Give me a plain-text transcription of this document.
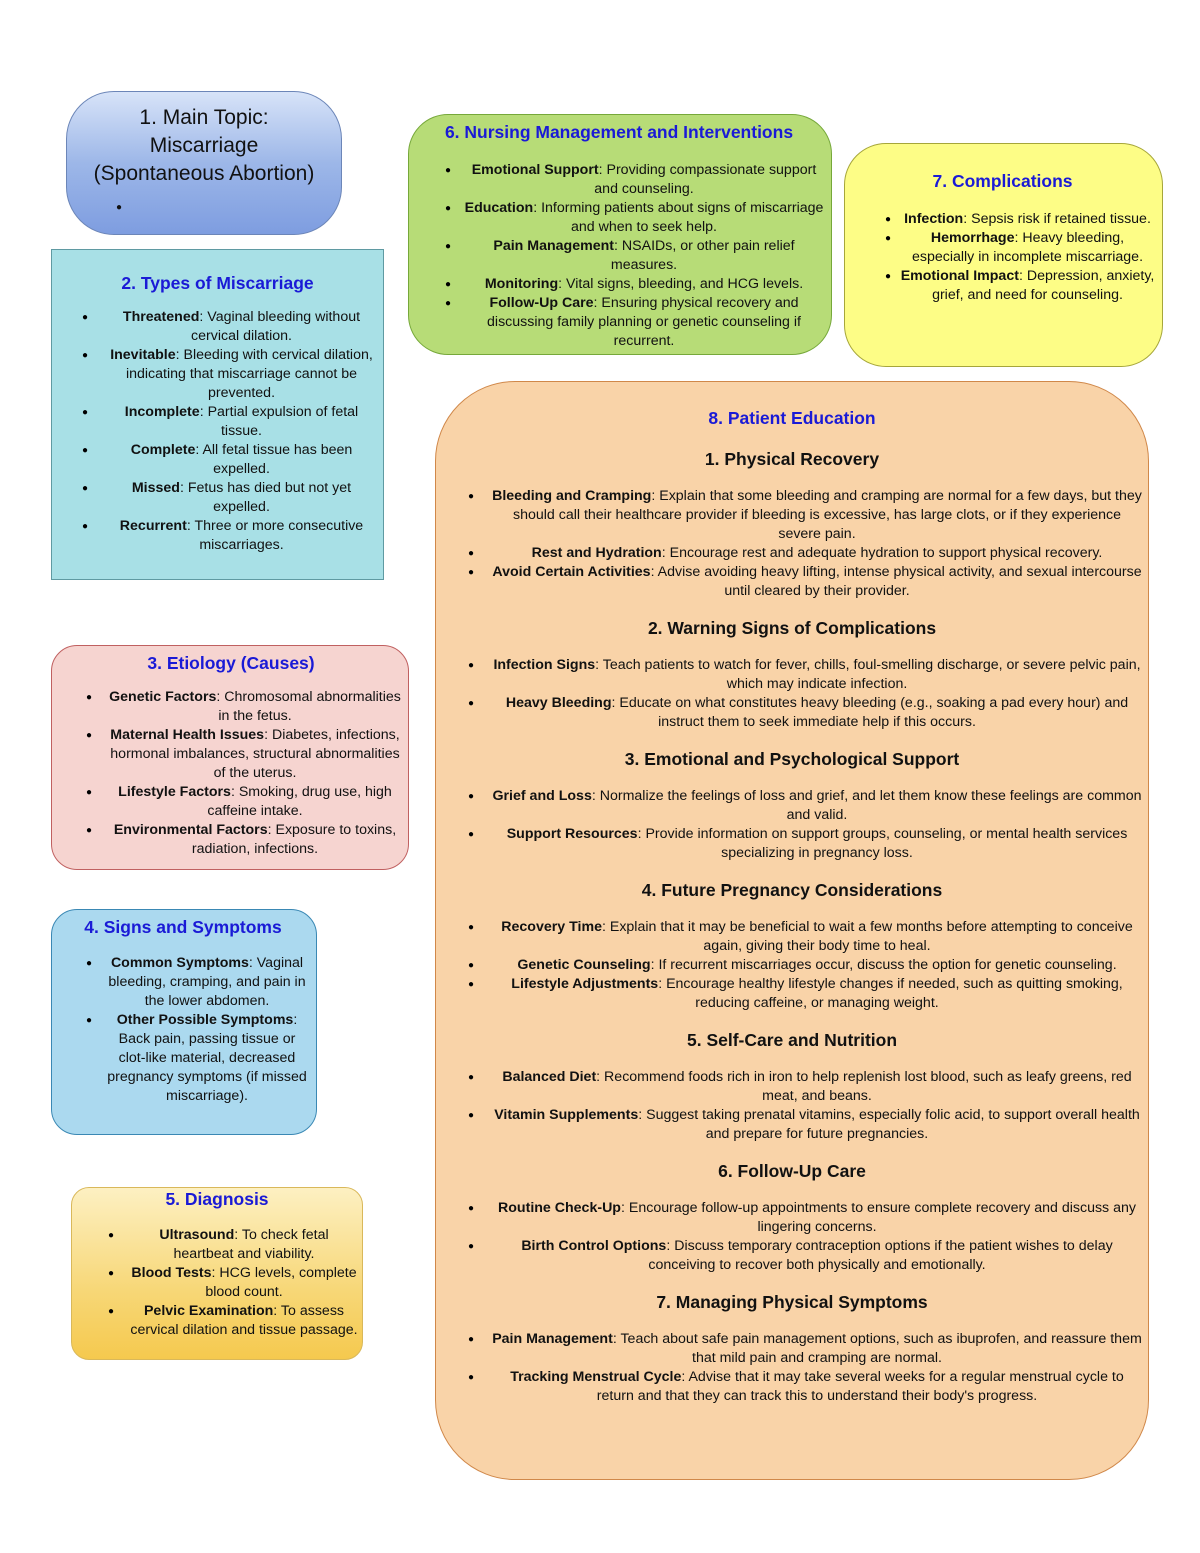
1. Main Topic:
Miscarriage
(Spontaneous Abortion)
●
2. Types of Miscarriage
● Threatened: Vaginal bleeding without cervical dilation.
● Inevitable: Bleeding with cervical dilation, indicating that miscarriage cannot be prevented.
● Incomplete: Partial expulsion of fetal tissue.
● Complete: All fetal tissue has been expelled.
● Missed: Fetus has died but not yet expelled.
● Recurrent: Three or more consecutive miscarriages.
3. Etiology (Causes)
● Genetic Factors: Chromosomal abnormalities in the fetus.
● Maternal Health Issues: Diabetes, infections, hormonal imbalances, structural abnormalities of the uterus.
● Lifestyle Factors: Smoking, drug use, high caffeine intake.
● Environmental Factors: Exposure to toxins, radiation, infections.
4. Signs and Symptoms
● Common Symptoms: Vaginal bleeding, cramping, and pain in the lower abdomen.
● Other Possible Symptoms: Back pain, passing tissue or clot-like material, decreased pregnancy symptoms (if missed miscarriage).
5. Diagnosis
● Ultrasound: To check fetal heartbeat and viability.
● Blood Tests: HCG levels, complete blood count.
● Pelvic Examination: To assess cervical dilation and tissue passage.
6. Nursing Management and Interventions
● Emotional Support: Providing compassionate support and counseling.
● Education: Informing patients about signs of miscarriage and when to seek help.
● Pain Management: NSAIDs, or other pain relief measures.
● Monitoring: Vital signs, bleeding, and HCG levels.
● Follow-Up Care: Ensuring physical recovery and discussing family planning or genetic counseling if recurrent.
7. Complications
● Infection: Sepsis risk if retained tissue.
● Hemorrhage: Heavy bleeding, especially in incomplete miscarriage.
● Emotional Impact: Depression, anxiety, grief, and need for counseling.
8. Patient Education
1. Physical Recovery
● Bleeding and Cramping: Explain that some bleeding and cramping are normal for a few days, but they should call their healthcare provider if bleeding is excessive, has large clots, or if they experience severe pain.
● Rest and Hydration: Encourage rest and adequate hydration to support physical recovery.
● Avoid Certain Activities: Advise avoiding heavy lifting, intense physical activity, and sexual intercourse until cleared by their provider.
2. Warning Signs of Complications
● Infection Signs: Teach patients to watch for fever, chills, foul-smelling discharge, or severe pelvic pain, which may indicate infection.
● Heavy Bleeding: Educate on what constitutes heavy bleeding (e.g., soaking a pad every hour) and instruct them to seek immediate help if this occurs.
3. Emotional and Psychological Support
● Grief and Loss: Normalize the feelings of loss and grief, and let them know these feelings are common and valid.
● Support Resources: Provide information on support groups, counseling, or mental health services specializing in pregnancy loss.
4. Future Pregnancy Considerations
● Recovery Time: Explain that it may be beneficial to wait a few months before attempting to conceive again, giving their body time to heal.
● Genetic Counseling: If recurrent miscarriages occur, discuss the option for genetic counseling.
● Lifestyle Adjustments: Encourage healthy lifestyle changes if needed, such as quitting smoking, reducing caffeine, or managing weight.
5. Self-Care and Nutrition
● Balanced Diet: Recommend foods rich in iron to help replenish lost blood, such as leafy greens, red meat, and beans.
● Vitamin Supplements: Suggest taking prenatal vitamins, especially folic acid, to support overall health and prepare for future pregnancies.
6. Follow-Up Care
● Routine Check-Up: Encourage follow-up appointments to ensure complete recovery and discuss any lingering concerns.
● Birth Control Options: Discuss temporary contraception options if the patient wishes to delay conceiving to recover both physically and emotionally.
7. Managing Physical Symptoms
● Pain Management: Teach about safe pain management options, such as ibuprofen, and reassure them that mild pain and cramping are normal.
● Tracking Menstrual Cycle: Advise that it may take several weeks for a regular menstrual cycle to return and that they can track this to understand their body's progress.
